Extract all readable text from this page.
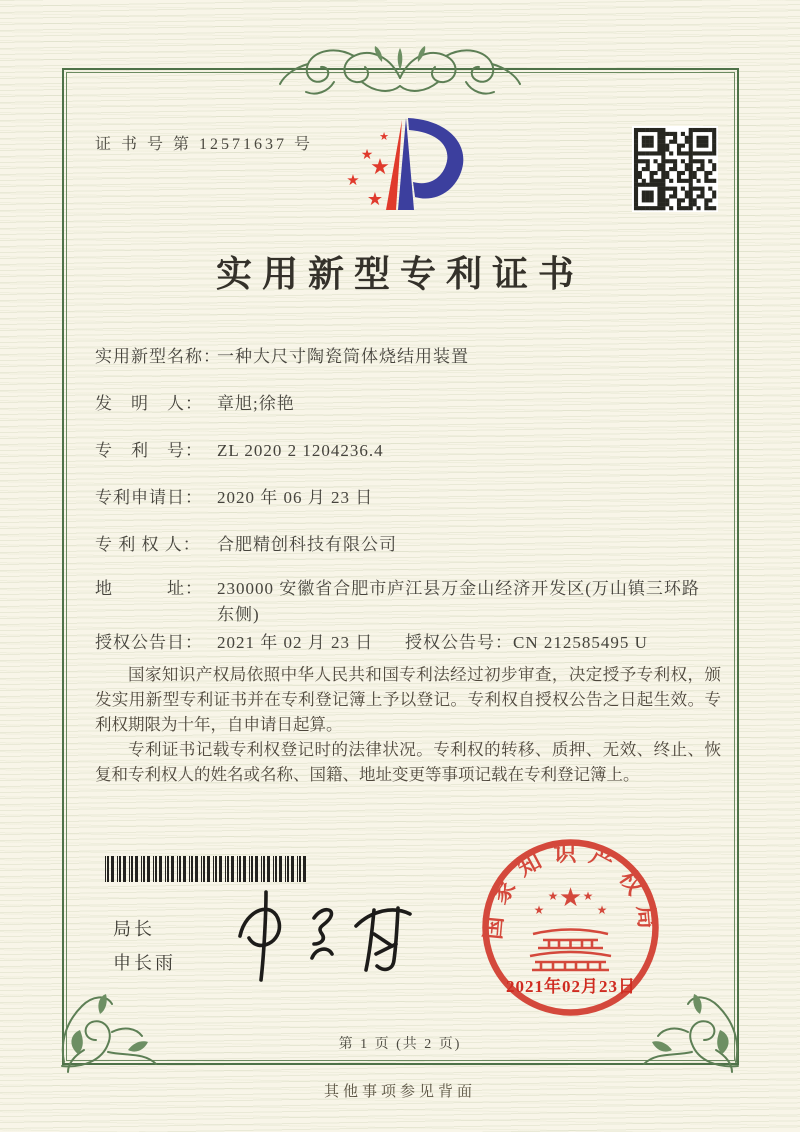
证 书 号 第 12571637 号	★
★
★
★
★
实用新型专利证书
实用新型名称：一种大尺寸陶瓷筒体烧结用装置
发　明　人： 章旭;徐艳
专　利　号： ZL 2020 2 1204236.4
专利申请日： 2020 年 06 月 23 日
专 利 权 人： 合肥精创科技有限公司
地　　　址： 230000 安徽省合肥市庐江县万金山经济开发区(万山镇三环路东侧)
授权公告日： 2021 年 02 月 23 日 授权公告号：CN 212585495 U

国家知识产权局依照中华人民共和国专利法经过初步审查，决定授予专利权，颁发实用新型专利证书并在专利登记簿上予以登记。专利权自授权公告之日起生效。专利权期限为十年，自申请日起算。

专利证书记载专利权登记时的法律状况。专利权的转移、质押、无效、终止、恢复和专利权人的姓名或名称、国籍、地址变更等事项记载在专利登记簿上。

局长
申长雨
国家知识产权局
★
★
★ ★
★
2021年02月23日
第 1 页 (共 2 页)
其他事项参见背面
